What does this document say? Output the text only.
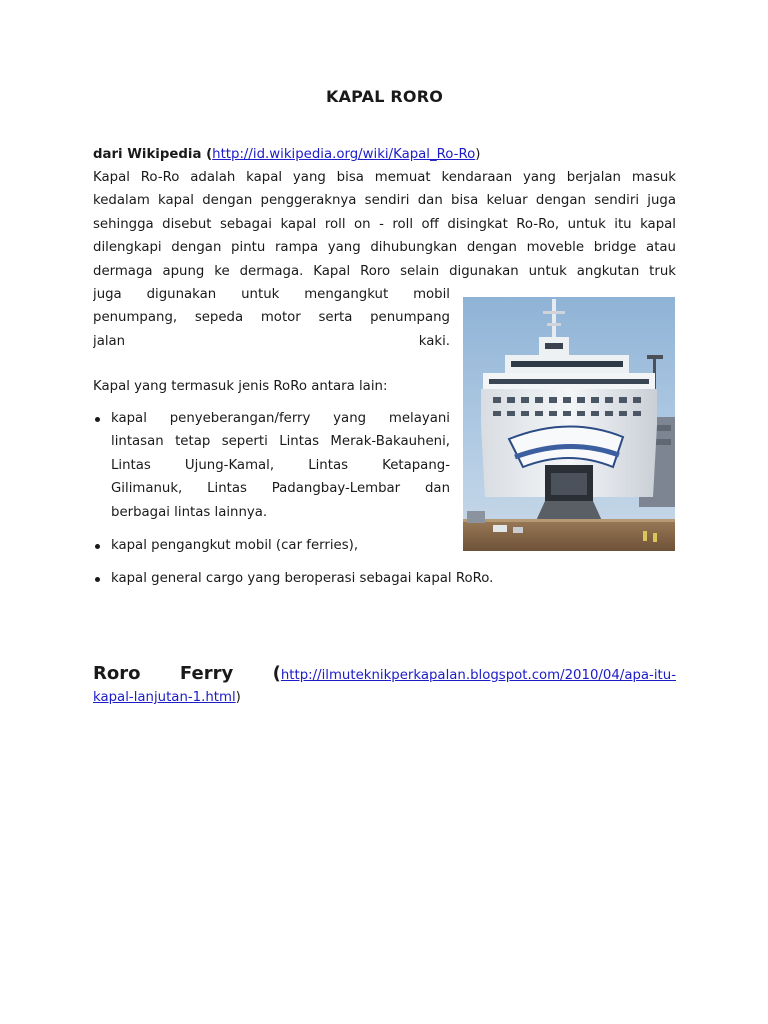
KAPAL RORO
dari Wikipedia (http://id.wikipedia.org/wiki/Kapal_Ro-Ro)
Kapal Ro-Ro adalah kapal yang bisa memuat kendaraan yang berjalan masuk
kedalam kapal dengan penggeraknya sendiri dan bisa keluar dengan sendiri juga
sehingga disebut sebagai kapal roll on - roll off disingkat Ro-Ro, untuk itu kapal
dilengkapi dengan pintu rampa yang dihubungkan dengan moveble bridge atau
dermaga apung ke dermaga. Kapal Roro selain digunakan untuk angkutan truk
juga digunakan untuk mengangkut mobil
penumpang, sepeda motor serta penumpang
jalan kaki.
Kapal yang termasuk jenis RoRo antara lain:
kapal penyeberangan/ferry yang melayani
lintasan tetap seperti Lintas Merak-Bakauheni,
Lintas Ujung-Kamal, Lintas Ketapang-
Gilimanuk, Lintas Padangbay-Lembar dan
berbagai lintas lainnya.
kapal pengangkut mobil (car ferries),
kapal general cargo yang beroperasi sebagai kapal RoRo.
Roro Ferry (http://ilmuteknikperkapalan.blogspot.com/2010/04/apa-itu-
kapal-lanjutan-1.html)
